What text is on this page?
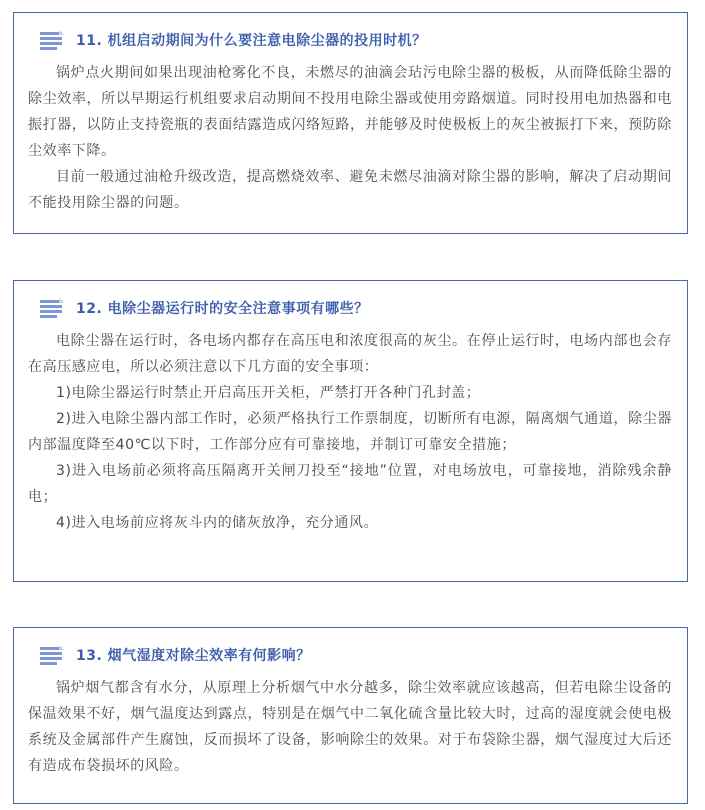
11. 机组启动期间为什么要注意电除尘器的投用时机？

锅炉点火期间如果出现油枪雾化不良，未燃尽的油滴会玷污电除尘器的极板，从而降低除尘器的除尘效率，所以早期运行机组要求启动期间不投用电除尘器或使用旁路烟道。同时投用电加热器和电振打器，以防止支持瓷瓶的表面结露造成闪络短路，并能够及时使极板上的灰尘被振打下来，预防除尘效率下降。

目前一般通过油枪升级改造，提高燃烧效率、避免未燃尽油滴对除尘器的影响，解决了启动期间不能投用除尘器的问题。

12. 电除尘器运行时的安全注意事项有哪些？

电除尘器在运行时，各电场内都存在高压电和浓度很高的灰尘。在停止运行时，电场内部也会存在高压感应电，所以必须注意以下几方面的安全事项：

1)电除尘器运行时禁止开启高压开关柜，严禁打开各种门孔封盖；

2)进入电除尘器内部工作时，必须严格执行工作票制度，切断所有电源，隔离烟气通道，除尘器内部温度降至40℃以下时，工作部分应有可靠接地，并制订可靠安全措施；

3)进入电场前必须将高压隔离开关闸刀投至“接地”位置，对电场放电，可靠接地，消除残余静电；

4)进入电场前应将灰斗内的储灰放净，充分通风。

13. 烟气湿度对除尘效率有何影响？

锅炉烟气都含有水分，从原理上分析烟气中水分越多，除尘效率就应该越高，但若电除尘设备的保温效果不好，烟气温度达到露点，特别是在烟气中二氧化硫含量比较大时，过高的湿度就会使电极系统及金属部件产生腐蚀，反而损坏了设备，影响除尘的效果。对于布袋除尘器，烟气湿度过大后还有造成布袋损坏的风险。
